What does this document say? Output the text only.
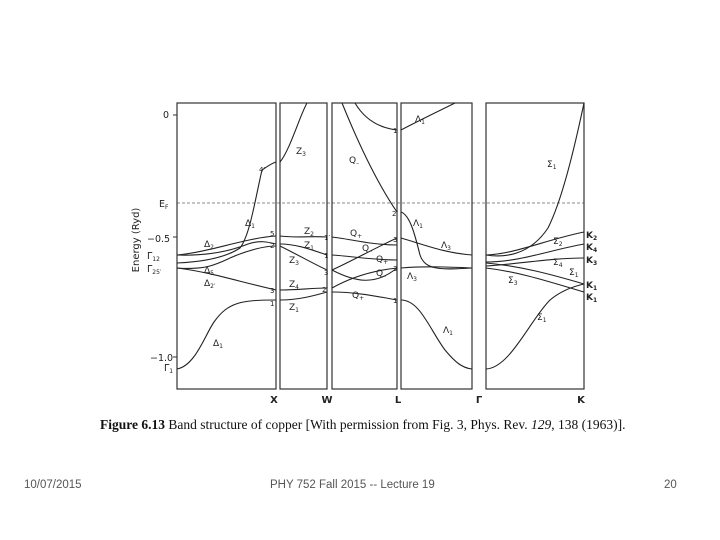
Energy (Ryd)
0
$E_F$
−0.5
−1.0
$\Gamma_{12}$
$\Gamma_{25'}$
$\Gamma_1$
$\Delta_1$
$\Delta_2$
$\Delta_5$
$\Delta_{2'}$
$\Delta_1$
4′
5
2
3
1
$Z_3$
$Z_2$
$Z_1$
$Z_3$
$Z_4$
$Z_1$
1′
1
3
2′
$Q_-$
$Q_+$
$Q_-$
$Q_+$
$Q_-$
$Q_+$
1
2′
3
3
1
$\Lambda_1$
$\Lambda_1$
$\Lambda_3$
$\Lambda_3$
$\Lambda_1$
$\Sigma_1$
$\Sigma_2$
$\Sigma_4$
$\Sigma_1$
$\Sigma_3$
$\Sigma_1$
$K_2$
$K_4$
$K_3$
$K_1$
$K_1$
X	W	L	Γ	K
Figure 6.13 Band structure of copper [With permission from Fig. 3, Phys. Rev. 129, 138 (1963)].
10/07/2015	PHY 752 Fall 2015 -- Lecture 19	20
